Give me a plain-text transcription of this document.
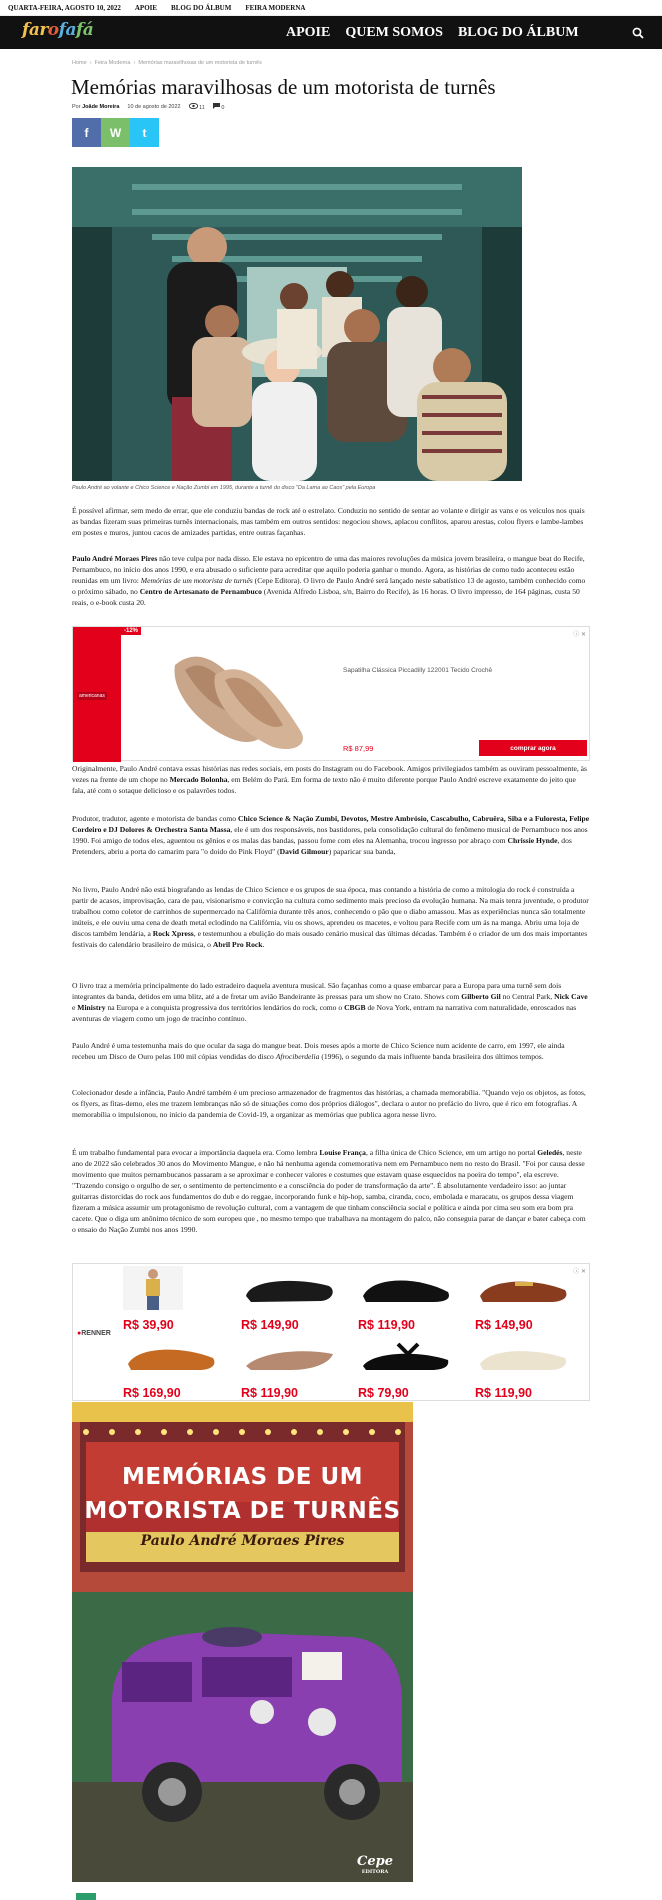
QUARTA-FEIRA, AGOSTO 10, 2022 APOIE BLOG DO ÁLBUM FEIRA MODERNA
farofafá	APOIE QUEM SOMOS BLOG DO ÁLBUM
Home  ›  Feira Moderna  ›  Memórias maravilhosas de um motorista de turnês
Memórias maravilhosas de um motorista de turnês
Por Joãde Moreira 10 de agosto de 2022	11	0
f W t
Paulo André ao volante e Chico Science e Nação Zumbi em 1995, durante a turnê do disco "Da Lama ao Caos" pela Europa

É possível afirmar, sem medo de errar, que ele conduziu bandas de rock até o estrelato. Conduziu no sentido de sentar ao volante e dirigir as vans e os veículos nos quais as bandas fizeram suas primeiras turnês internacionais, mas também em outros sentidos: negociou shows, aplacou conflitos, aparou arestas, colou flyers e lambe-lambes em postes e muros, juntou cacos de amizades partidas, entre outras façanhas.

Paulo André Moraes Pires não teve culpa por nada disso. Ele estava no epicentro de uma das maiores revoluções da música jovem brasileira, o mangue beat do Recife, Pernambuco, no início dos anos 1990, e era abusado o suficiente para acreditar que aquilo poderia ganhar o mundo. Agora, as histórias de como tudo aconteceu estão reunidas em um livro: Memórias de um motorista de turnês (Cepe Editora). O livro de Paulo André será lançado neste sabatístico 13 de agosto, também conhecido como o próximo sábado, no Centro de Artesanato de Pernambuco (Avenida Alfredo Lisboa, s/n, Bairro do Recife), às 16 horas. O livro impresso, de 164 páginas, custa 50 reais, o e-book custa 20.

americanas
-12%
Sapatilha Clássica Piccadilly 122001 Tecido Crochê
R$ 87,99	comprar agora
ⓘ ✕

Originalmente, Paulo André contava essas histórias nas redes sociais, em posts do Instagram ou do Facebook. Amigos privilegiados também as ouviram pessoalmente, às vezes na frente de um chope no Mercado Bolonha, em Belém do Pará. Em forma de texto não é muito diferente porque Paulo André escreve exatamente do jeito que fala, até com o sotaque delicioso e os palavrões todos.

Produtor, tradutor, agente e motorista de bandas como Chico Science & Nação Zumbi, Devotos, Mestre Ambrósio, Cascabulho, Cabruêra, Siba e a Fuloresta, Felipe Cordeiro e DJ Dolores & Orchestra Santa Massa, ele é um dos responsáveis, nos bastidores, pela consolidação cultural do fenômeno musical de Pernambuco nos anos 1990. Foi amigo de todos eles, aguentou os gênios e os malas das bandas, passou fome com eles na Alemanha, trocou ingresso por abraço com Chrissie Hynde, dos Pretenders, abriu a porta do camarim para "o doido do Pink Floyd" (David Gilmour) paparicar sua banda,

No livro, Paulo André não está biografando as lendas de Chico Science e os grupos de sua época, mas contando a história de como a mitologia do rock é construída a partir de acasos, improvisação, cara de pau, visionarismo e convicção na cultura como sedimento mais precioso da evolução humana. Na mais tenra juventude, o produtor trabalhou como coletor de carrinhos de supermercado na Califórnia durante três anos, conhecendo o pão que o diabo amassou. Mas as experiências nunca são totalmente inúteis, e ele ouviu uma cena de death metal eclodindo na Califórnia, viu os shows, aprendeu os macetes, e voltou para Recife com um ás na manga. Abriu uma loja de discos também lendária, a Rock Xpress, e testemunhou a ebulição do mais ousado cenário musical das últimas décadas. Também é o criador de um dos mais importantes festivais do calendário brasileiro de música, o Abril Pro Rock.

O livro traz a memória principalmente do lado estradeiro daquela aventura musical. São façanhas como a quase embarcar para a Europa para uma turnê sem dois integrantes da banda, detidos em uma blitz, até a de fretar um avião Bandeirante às pressas para um show no Crato. Shows com Gilberto Gil no Central Park, Nick Cave e Ministry na Europa e a conquista progressiva dos territórios lendários do rock, como o CBGB de Nova York, entram na narrativa com naturalidade, enroscados nas aventuras de viagem como um jogo de tracinho contínuo.

Paulo André é uma testemunha mais do que ocular da saga do mangue beat. Dois meses após a morte de Chico Science num acidente de carro, em 1997, ele ainda recebeu um Disco de Ouro pelas 100 mil cópias vendidas do disco Afrociberdelia (1996), o segundo da mais influente banda brasileira dos últimos tempos.

Colecionador desde a infância, Paulo André também é um precioso armazenador de fragmentos das histórias, a chamada memorabília. "Quando vejo os objetos, as fotos, os flyers, as fitas-demo, eles me trazem lembranças não só de situações como dos próprios diálogos", declara o autor no prefácio do livro, que é rico em fotografias. A memorabília o impulsionou, no início da pandemia de Covid-19, a organizar as memórias que publica agora nesse livro.

É um trabalho fundamental para evocar a importância daquela era. Como lembra Louise França, a filha única de Chico Science, em um artigo no portal Geledés, neste ano de 2022 são celebrados 30 anos do Movimento Mangue, e não há nenhuma agenda comemorativa nem em Pernambuco nem no resto do Brasil. "Foi por causa desse movimento que muitos pernambucanos passaram a se aproximar e conhecer valores e costumes que estavam quase esquecidos na poeira do tempo", ela escreve. "Trazendo consigo o orgulho de ser, o sentimento de pertencimento e a consciência do poder de transformação da arte". É absolutamente verdadeiro isso: ao juntar guitarras distorcidas do rock aos fundamentos do dub e do reggae, incorporando funk e hip-hop, samba, ciranda, coco, embolada e maracatu, os grupos dessa viagem fizeram a música assumir um protagonismo de revolução cultural, com a vantagem de que tinham consciência social e política e ainda por cima seu som era bom pra cacete. Que o diga um anônimo técnico de som europeu que , no mesmo tempo que trabalhava na montagem do palco, não conseguia parar de dançar e bater cabeça com o ensaio do Nação Zumbi nos anos 1990.

●RENNER
R$ 39,90	R$ 149,90	R$ 119,90	R$ 149,90
R$ 169,90	R$ 119,90	R$ 79,90	R$ 119,90
ⓘ ✕
MEMÓRIAS DE UM
MOTORISTA DE TURNÊS
Paulo André Moraes Pires
Cepe
EDITORA
